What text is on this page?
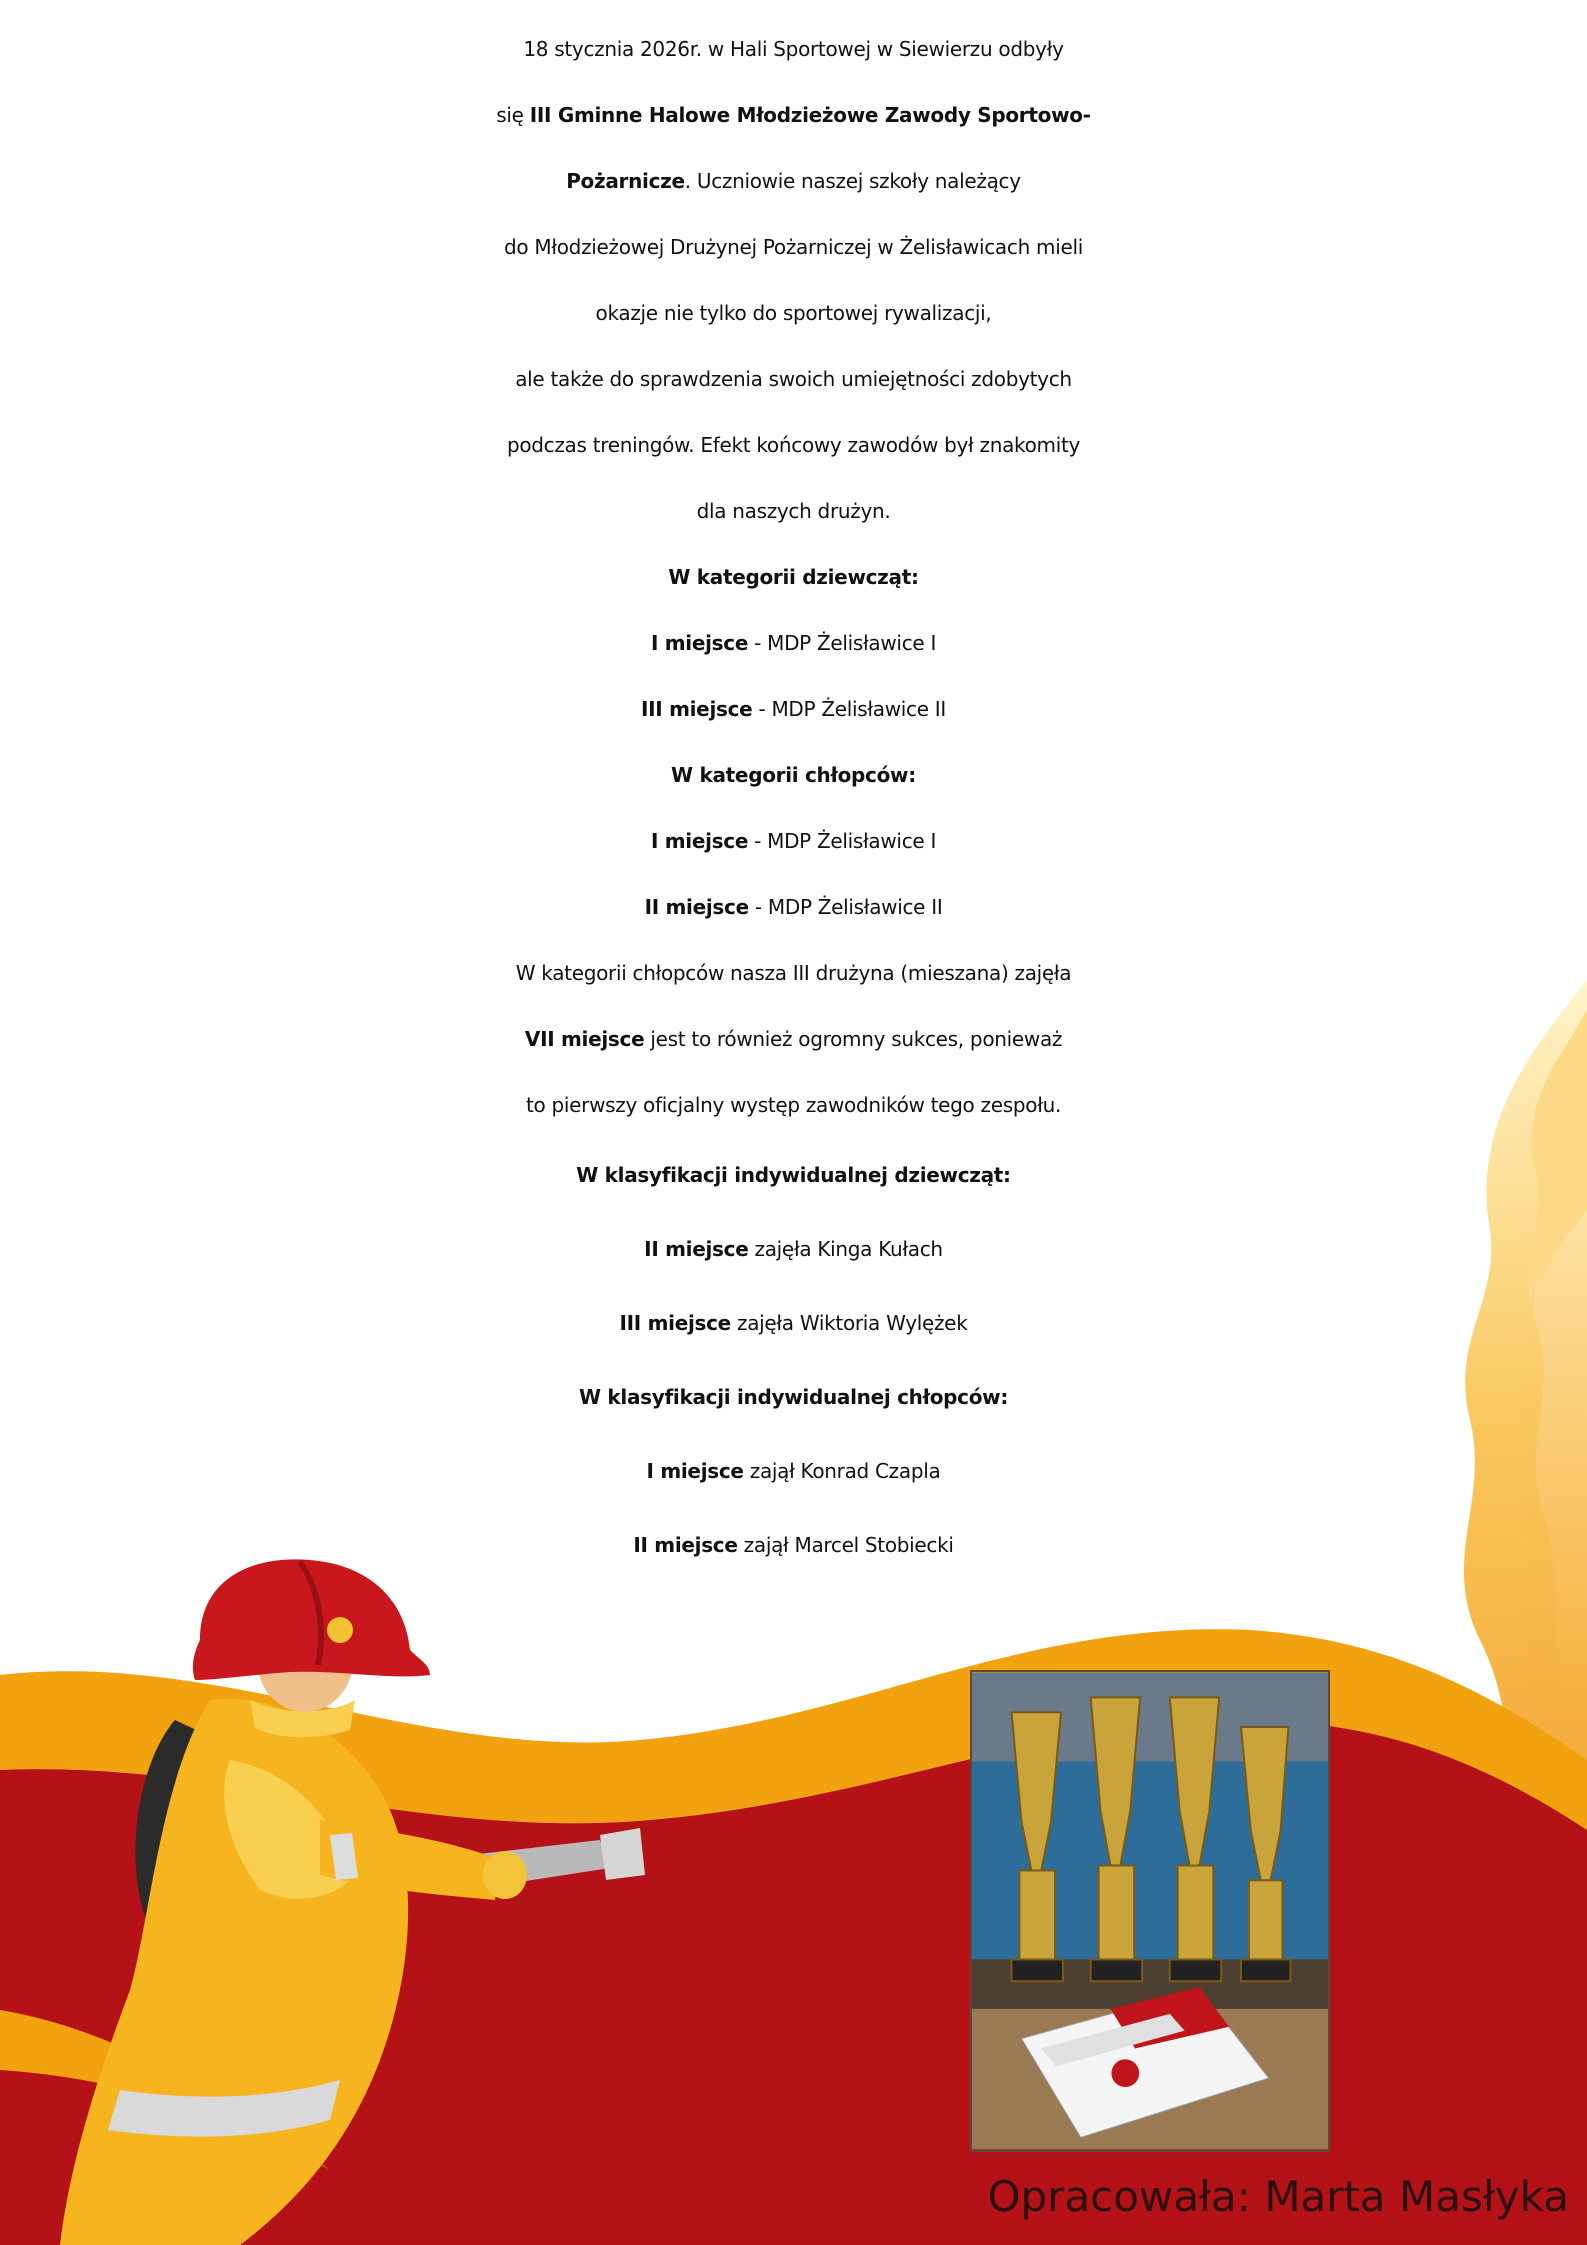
18 stycznia 2026r. w Hali Sportowej w Siewierzu odbyły

się III Gminne Halowe Młodzieżowe Zawody Sportowo-

Pożarnicze. Uczniowie naszej szkoły należący

do Młodzieżowej Drużynej Pożarniczej w Żelisławicach mieli

okazje nie tylko do sportowej rywalizacji,

ale także do sprawdzenia swoich umiejętności zdobytych

podczas treningów. Efekt końcowy zawodów był znakomity

dla naszych drużyn.

W kategorii dziewcząt:

I miejsce - MDP Żelisławice I

III miejsce - MDP Żelisławice II

W kategorii chłopców:

I miejsce - MDP Żelisławice I

II miejsce - MDP Żelisławice II

W kategorii chłopców nasza III drużyna (mieszana) zajęła

VII miejsce jest to również ogromny sukces, ponieważ

to pierwszy oficjalny występ zawodników tego zespołu.

W klasyfikacji indywidualnej dziewcząt:

II miejsce zajęła Kinga Kułach

III miejsce zajęła Wiktoria Wylężek

W klasyfikacji indywidualnej chłopców:

I miejsce zajął Konrad Czapla

II miejsce zajął Marcel Stobiecki

Opracowała: Marta Masłyka
